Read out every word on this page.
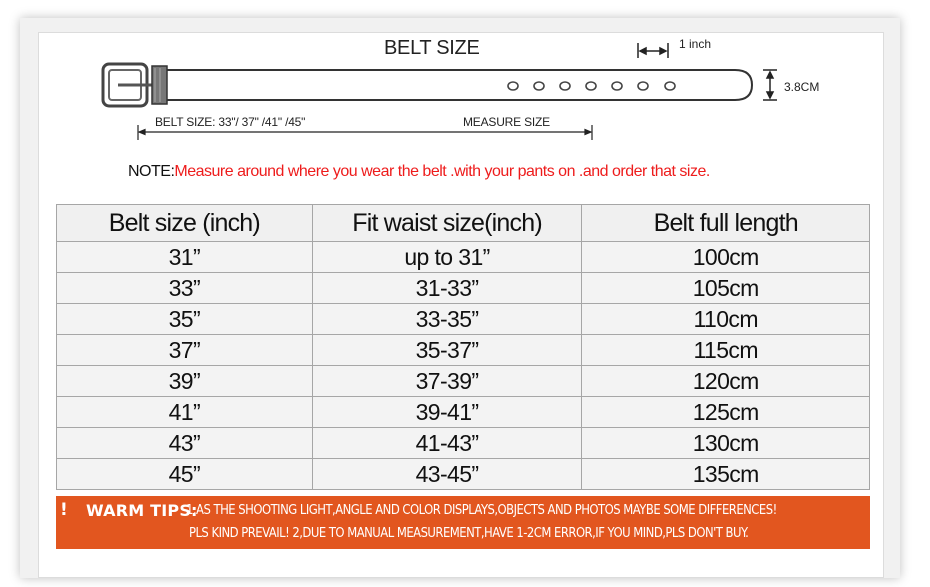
BELT SIZE	1 inch
3.8CM
BELT SIZE: 33"/ 37" /41" /45"	MEASURE SIZE
NOTE:Measure around where you wear the belt .with your pants on .and order that size.
Belt size (inch)	Fit waist size(inch)	Belt full length
31”	up to 31”	100cm
33”	31-33”	105cm
35”	33-35”	110cm
37”	35-37”	115cm
39”	37-39”	120cm
41”	39-41”	125cm
43”	41-43”	130cm
45”	43-45”	135cm
! WARM TIPS:
1,AS THE SHOOTING LIGHT,ANGLE AND COLOR DISPLAYS,OBJECTS AND PHOTOS MAYBE SOME DIFFERENCES!
PLS KIND PREVAIL! 2,DUE TO MANUAL MEASUREMENT,HAVE 1-2CM ERROR,IF YOU MIND,PLS DON'T BUY.
